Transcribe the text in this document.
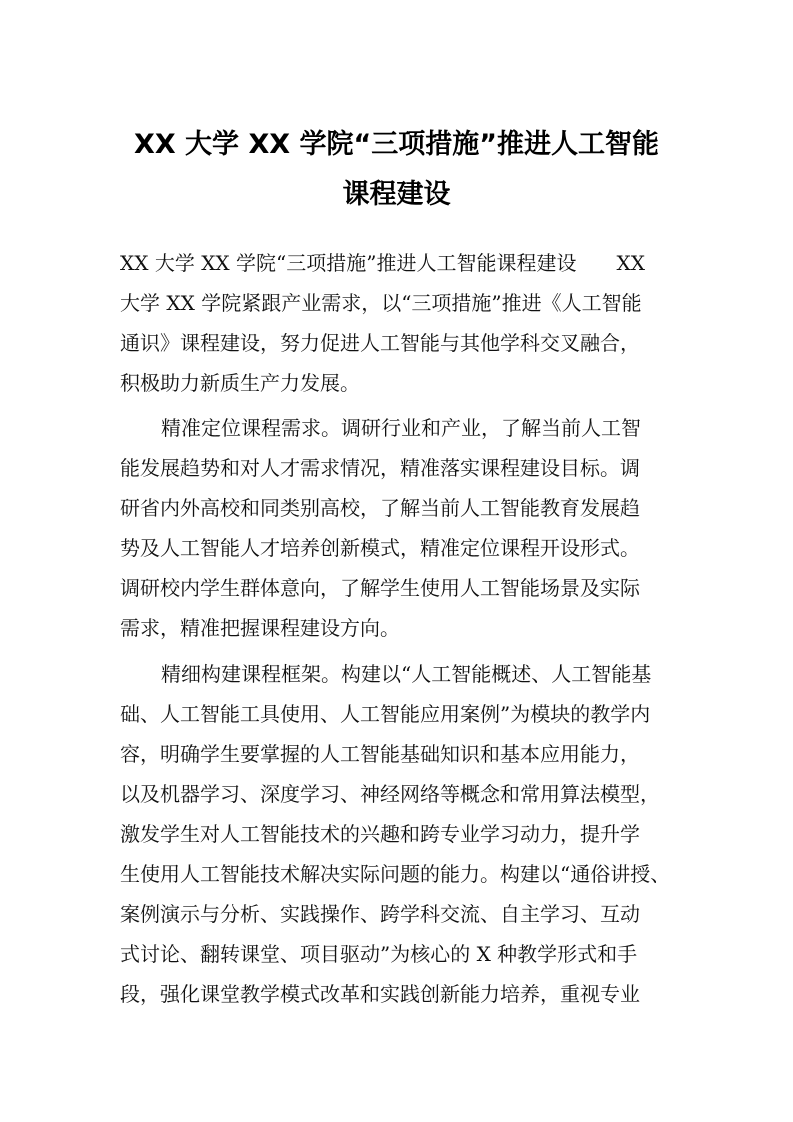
XX 大学 XX 学院“三项措施”推进人工智能
课程建设
XX 大学 XX 学院“三项措施”推进人工智能课程建设　　XX
大学 XX 学院紧跟产业需求，以“三项措施”推进《人工智能
通识》课程建设，努力促进人工智能与其他学科交叉融合，
积极助力新质生产力发展。
精准定位课程需求。调研行业和产业，了解当前人工智
能发展趋势和对人才需求情况，精准落实课程建设目标。调
研省内外高校和同类别高校，了解当前人工智能教育发展趋
势及人工智能人才培养创新模式，精准定位课程开设形式。
调研校内学生群体意向，了解学生使用人工智能场景及实际
需求，精准把握课程建设方向。
精细构建课程框架。构建以“人工智能概述、人工智能基
础、人工智能工具使用、人工智能应用案例”为模块的教学内
容，明确学生要掌握的人工智能基础知识和基本应用能力，
以及机器学习、深度学习、神经网络等概念和常用算法模型，
激发学生对人工智能技术的兴趣和跨专业学习动力，提升学
生使用人工智能技术解决实际问题的能力。构建以“通俗讲授、
案例演示与分析、实践操作、跨学科交流、自主学习、互动
式讨论、翻转课堂、项目驱动”为核心的 X 种教学形式和手
段，强化课堂教学模式改革和实践创新能力培养，重视专业
